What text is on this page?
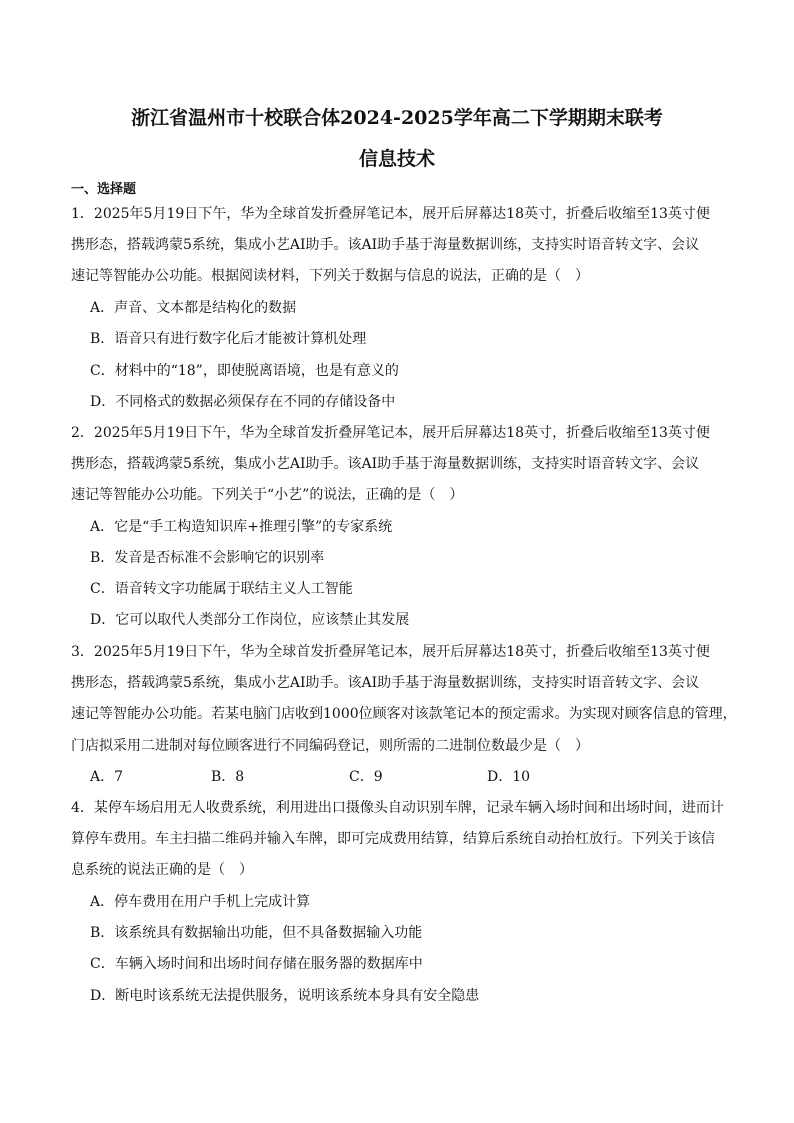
浙江省温州市十校联合体2024-2025学年高二下学期期末联考
信息技术
一、选择题
1．2025年5月19日下午，华为全球首发折叠屏笔记本，展开后屏幕达18英寸，折叠后收缩至13英寸便
携形态，搭载鸿蒙5系统，集成小艺AI助手。该AI助手基于海量数据训练，支持实时语音转文字、会议
速记等智能办公功能。根据阅读材料，下列关于数据与信息的说法，正确的是（　）
A．声音、文本都是结构化的数据
B．语音只有进行数字化后才能被计算机处理
C．材料中的“18”，即使脱离语境，也是有意义的
D．不同格式的数据必须保存在不同的存储设备中
2．2025年5月19日下午，华为全球首发折叠屏笔记本，展开后屏幕达18英寸，折叠后收缩至13英寸便
携形态，搭载鸿蒙5系统，集成小艺AI助手。该AI助手基于海量数据训练，支持实时语音转文字、会议
速记等智能办公功能。下列关于“小艺”的说法，正确的是（　）
A．它是“手工构造知识库+推理引擎”的专家系统
B．发音是否标准不会影响它的识别率
C．语音转文字功能属于联结主义人工智能
D．它可以取代人类部分工作岗位，应该禁止其发展
3．2025年5月19日下午，华为全球首发折叠屏笔记本，展开后屏幕达18英寸，折叠后收缩至13英寸便
携形态，搭载鸿蒙5系统，集成小艺AI助手。该AI助手基于海量数据训练，支持实时语音转文字、会议
速记等智能办公功能。若某电脑门店收到1000位顾客对该款笔记本的预定需求。为实现对顾客信息的管理，
门店拟采用二进制对每位顾客进行不同编码登记，则所需的二进制位数最少是（　）
A．7	B．8	C．9	D．10
4．某停车场启用无人收费系统，利用进出口摄像头自动识别车牌，记录车辆入场时间和出场时间，进而计
算停车费用。车主扫描二维码并输入车牌，即可完成费用结算，结算后系统自动抬杠放行。下列关于该信
息系统的说法正确的是（　）
A．停车费用在用户手机上完成计算
B．该系统具有数据输出功能，但不具备数据输入功能
C．车辆入场时间和出场时间存储在服务器的数据库中
D．断电时该系统无法提供服务，说明该系统本身具有安全隐患
